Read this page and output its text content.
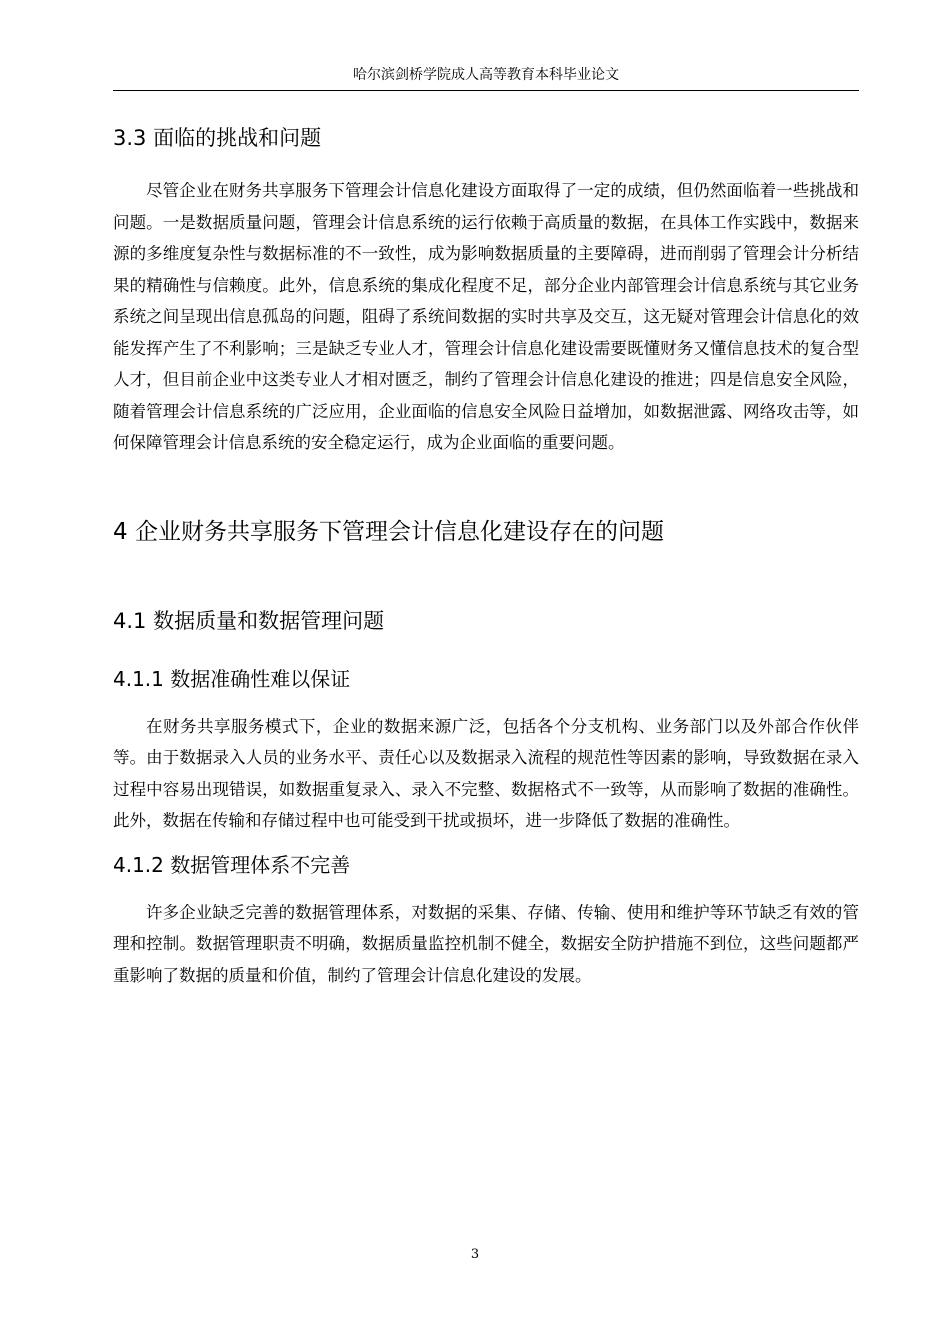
哈尔滨剑桥学院成人高等教育本科毕业论文
3.3 面临的挑战和问题

尽管企业在财务共享服务下管理会计信息化建设方面取得了一定的成绩，但仍然面临着一些挑战和问题。一是数据质量问题，管理会计信息系统的运行依赖于高质量的数据，在具体工作实践中，数据来源的多维度复杂性与数据标准的不一致性，成为影响数据质量的主要障碍，进而削弱了管理会计分析结果的精确性与信赖度。此外，信息系统的集成化程度不足，部分企业内部管理会计信息系统与其它业务系统之间呈现出信息孤岛的问题，阻碍了系统间数据的实时共享及交互，这无疑对管理会计信息化的效能发挥产生了不利影响；三是缺乏专业人才，管理会计信息化建设需要既懂财务又懂信息技术的复合型人才，但目前企业中这类专业人才相对匮乏，制约了管理会计信息化建设的推进；四是信息安全风险，随着管理会计信息系统的广泛应用，企业面临的信息安全风险日益增加，如数据泄露、网络攻击等，如何保障管理会计信息系统的安全稳定运行，成为企业面临的重要问题。

4 企业财务共享服务下管理会计信息化建设存在的问题
4.1 数据质量和数据管理问题
4.1.1 数据准确性难以保证

在财务共享服务模式下，企业的数据来源广泛，包括各个分支机构、业务部门以及外部合作伙伴等。由于数据录入人员的业务水平、责任心以及数据录入流程的规范性等因素的影响，导致数据在录入过程中容易出现错误，如数据重复录入、录入不完整、数据格式不一致等，从而影响了数据的准确性。此外，数据在传输和存储过程中也可能受到干扰或损坏，进一步降低了数据的准确性。

4.1.2 数据管理体系不完善

许多企业缺乏完善的数据管理体系，对数据的采集、存储、传输、使用和维护等环节缺乏有效的管理和控制。数据管理职责不明确，数据质量监控机制不健全，数据安全防护措施不到位，这些问题都严重影响了数据的质量和价值，制约了管理会计信息化建设的发展。

3
